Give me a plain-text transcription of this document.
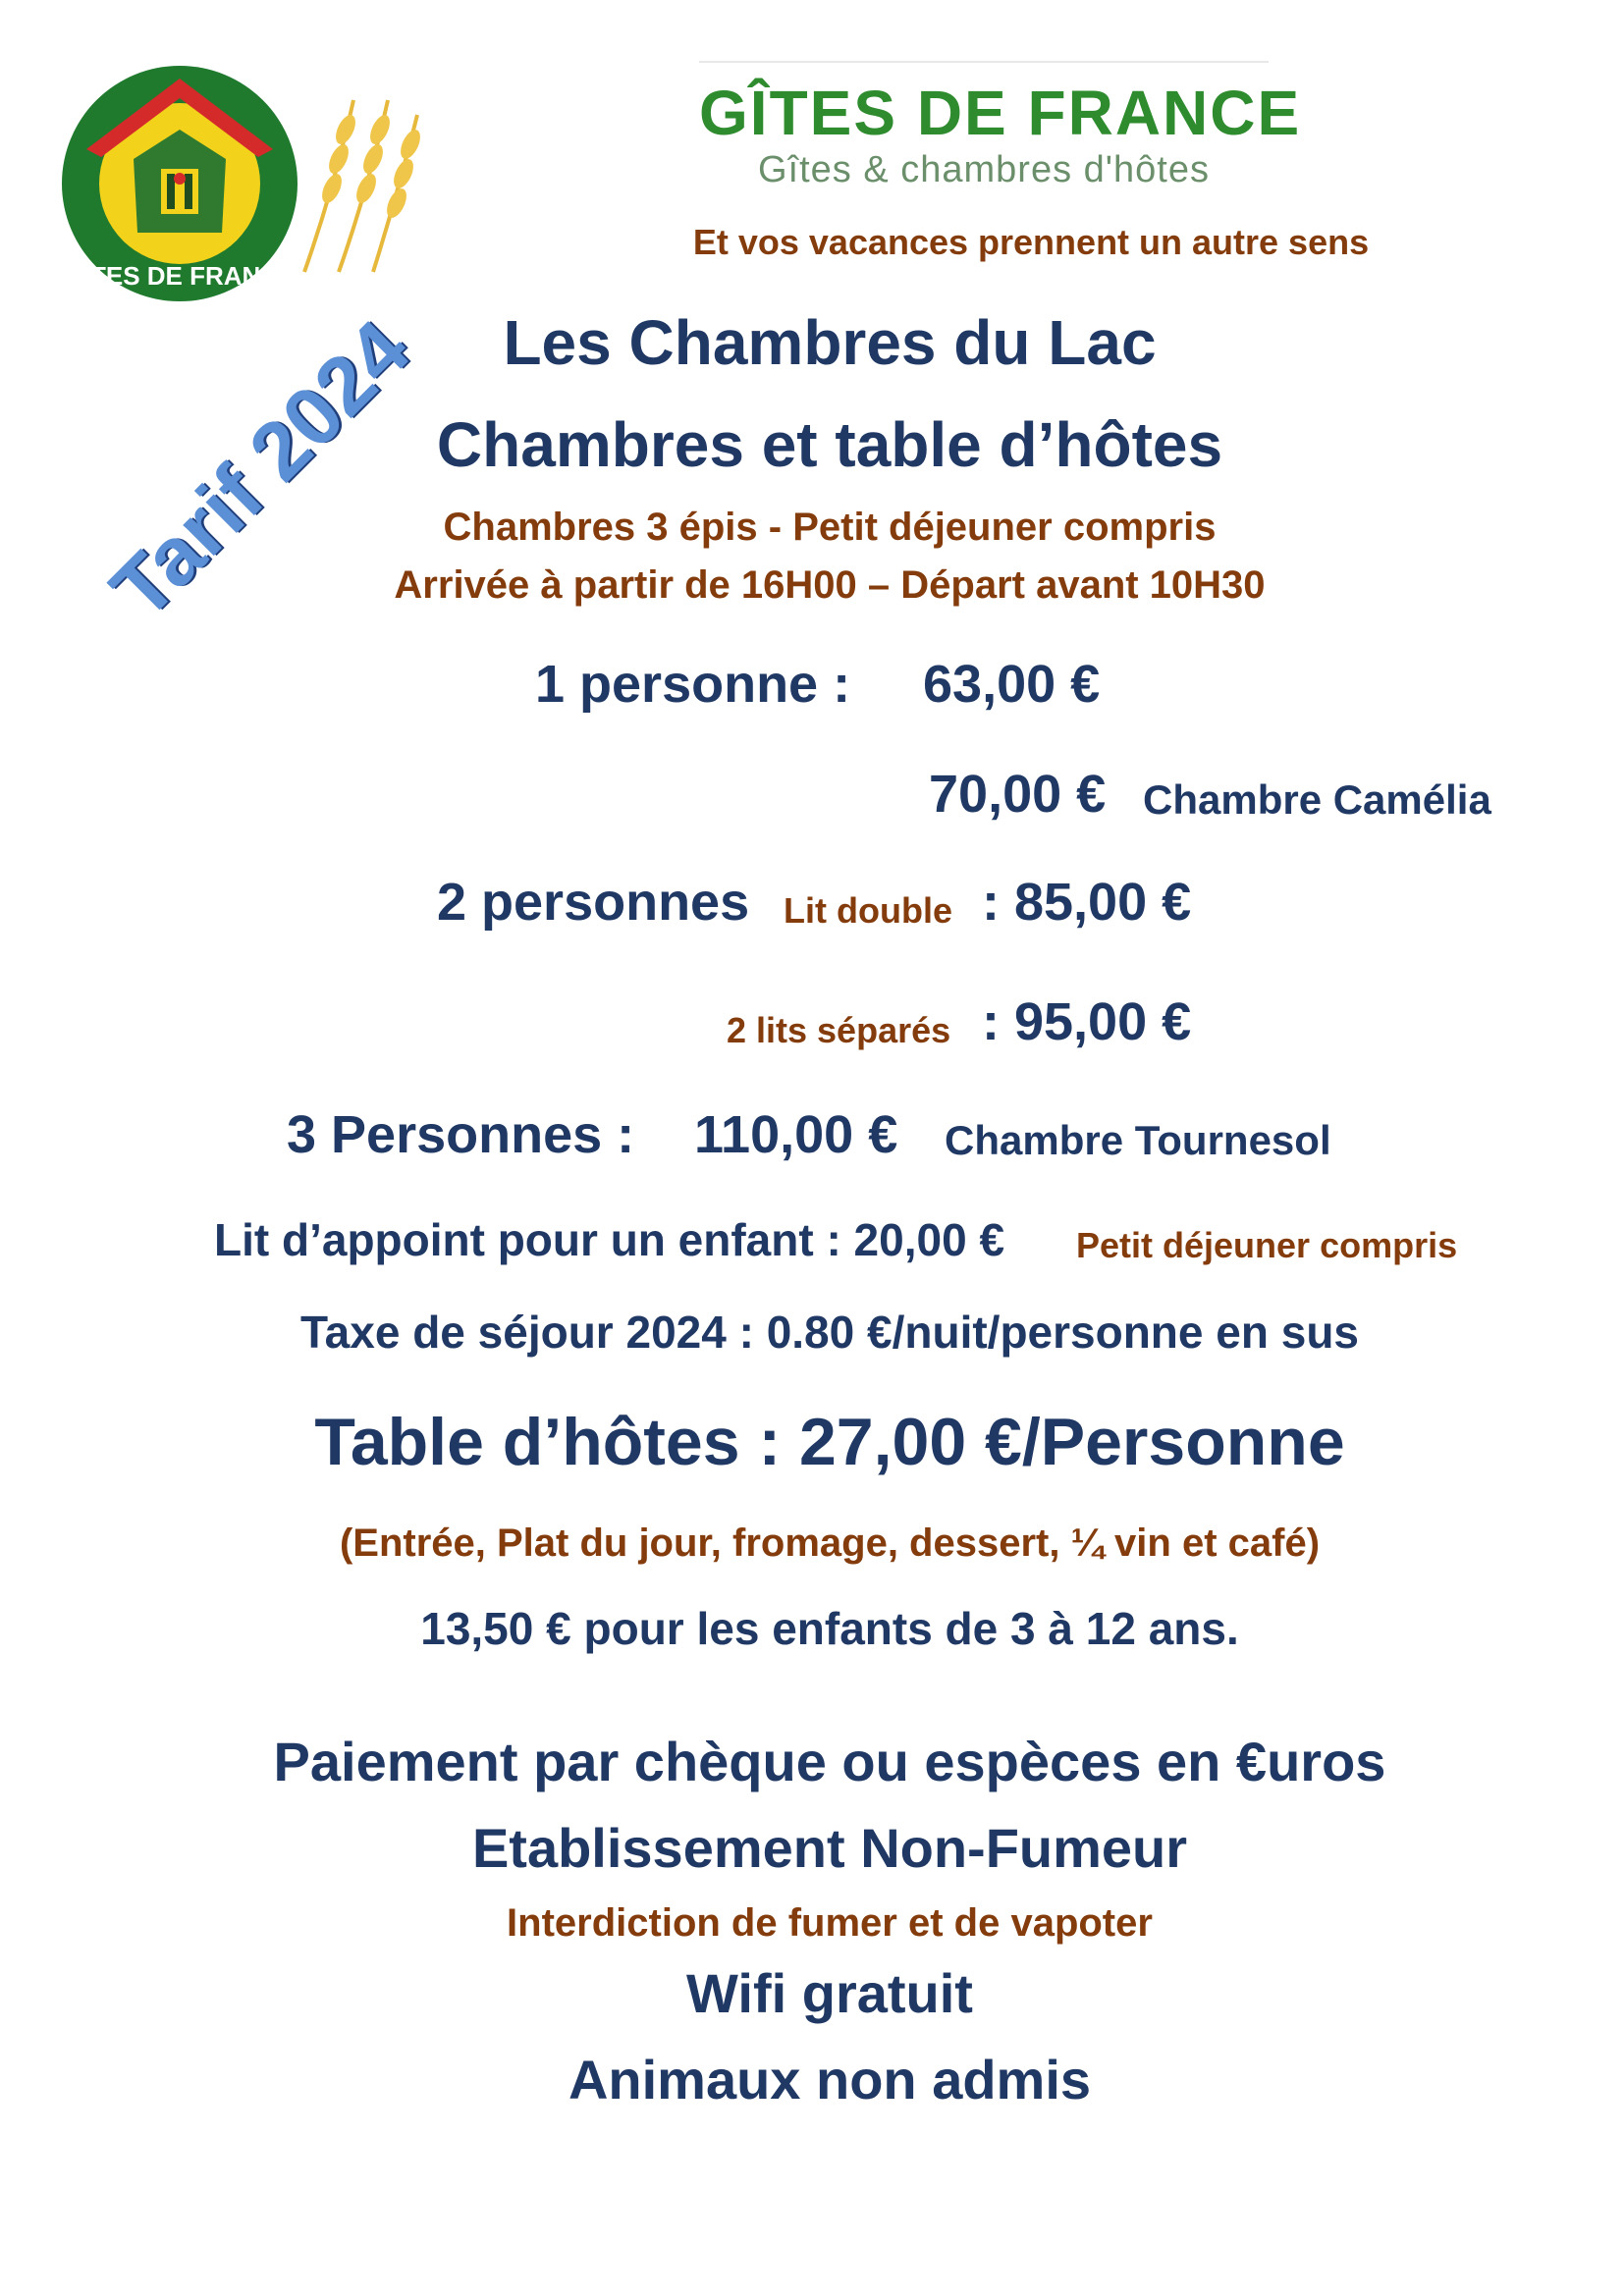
GÎTES DE FRANCE
GÎTES DE FRANCE
Gîtes & chambres d'hôtes
Et vos vacances prennent un autre sens
Tarif 2024	Les Chambres du Lac
Chambres et table d’hôtes
Chambres 3 épis - Petit déjeuner compris
Arrivée à partir de 16H00 – Départ avant 10H30
1 personne : 63,00 €
70,00 € Chambre Camélia
2 personnes Lit double : 85,00 €
2 lits séparés : 95,00 €
3 Personnes : 110,00 € Chambre Tournesol
Lit d’appoint pour un enfant : 20,00 € Petit déjeuner compris
Taxe de séjour 2024 : 0.80 €/nuit/personne en sus
Table d’hôtes : 27,00 €/Personne
(Entrée, Plat du jour, fromage, dessert, ¼ vin et café)
13,50 € pour les enfants de 3 à 12 ans.
Paiement par chèque ou espèces en €uros
Etablissement Non-Fumeur
Interdiction de fumer et de vapoter
Wifi gratuit
Animaux non admis
